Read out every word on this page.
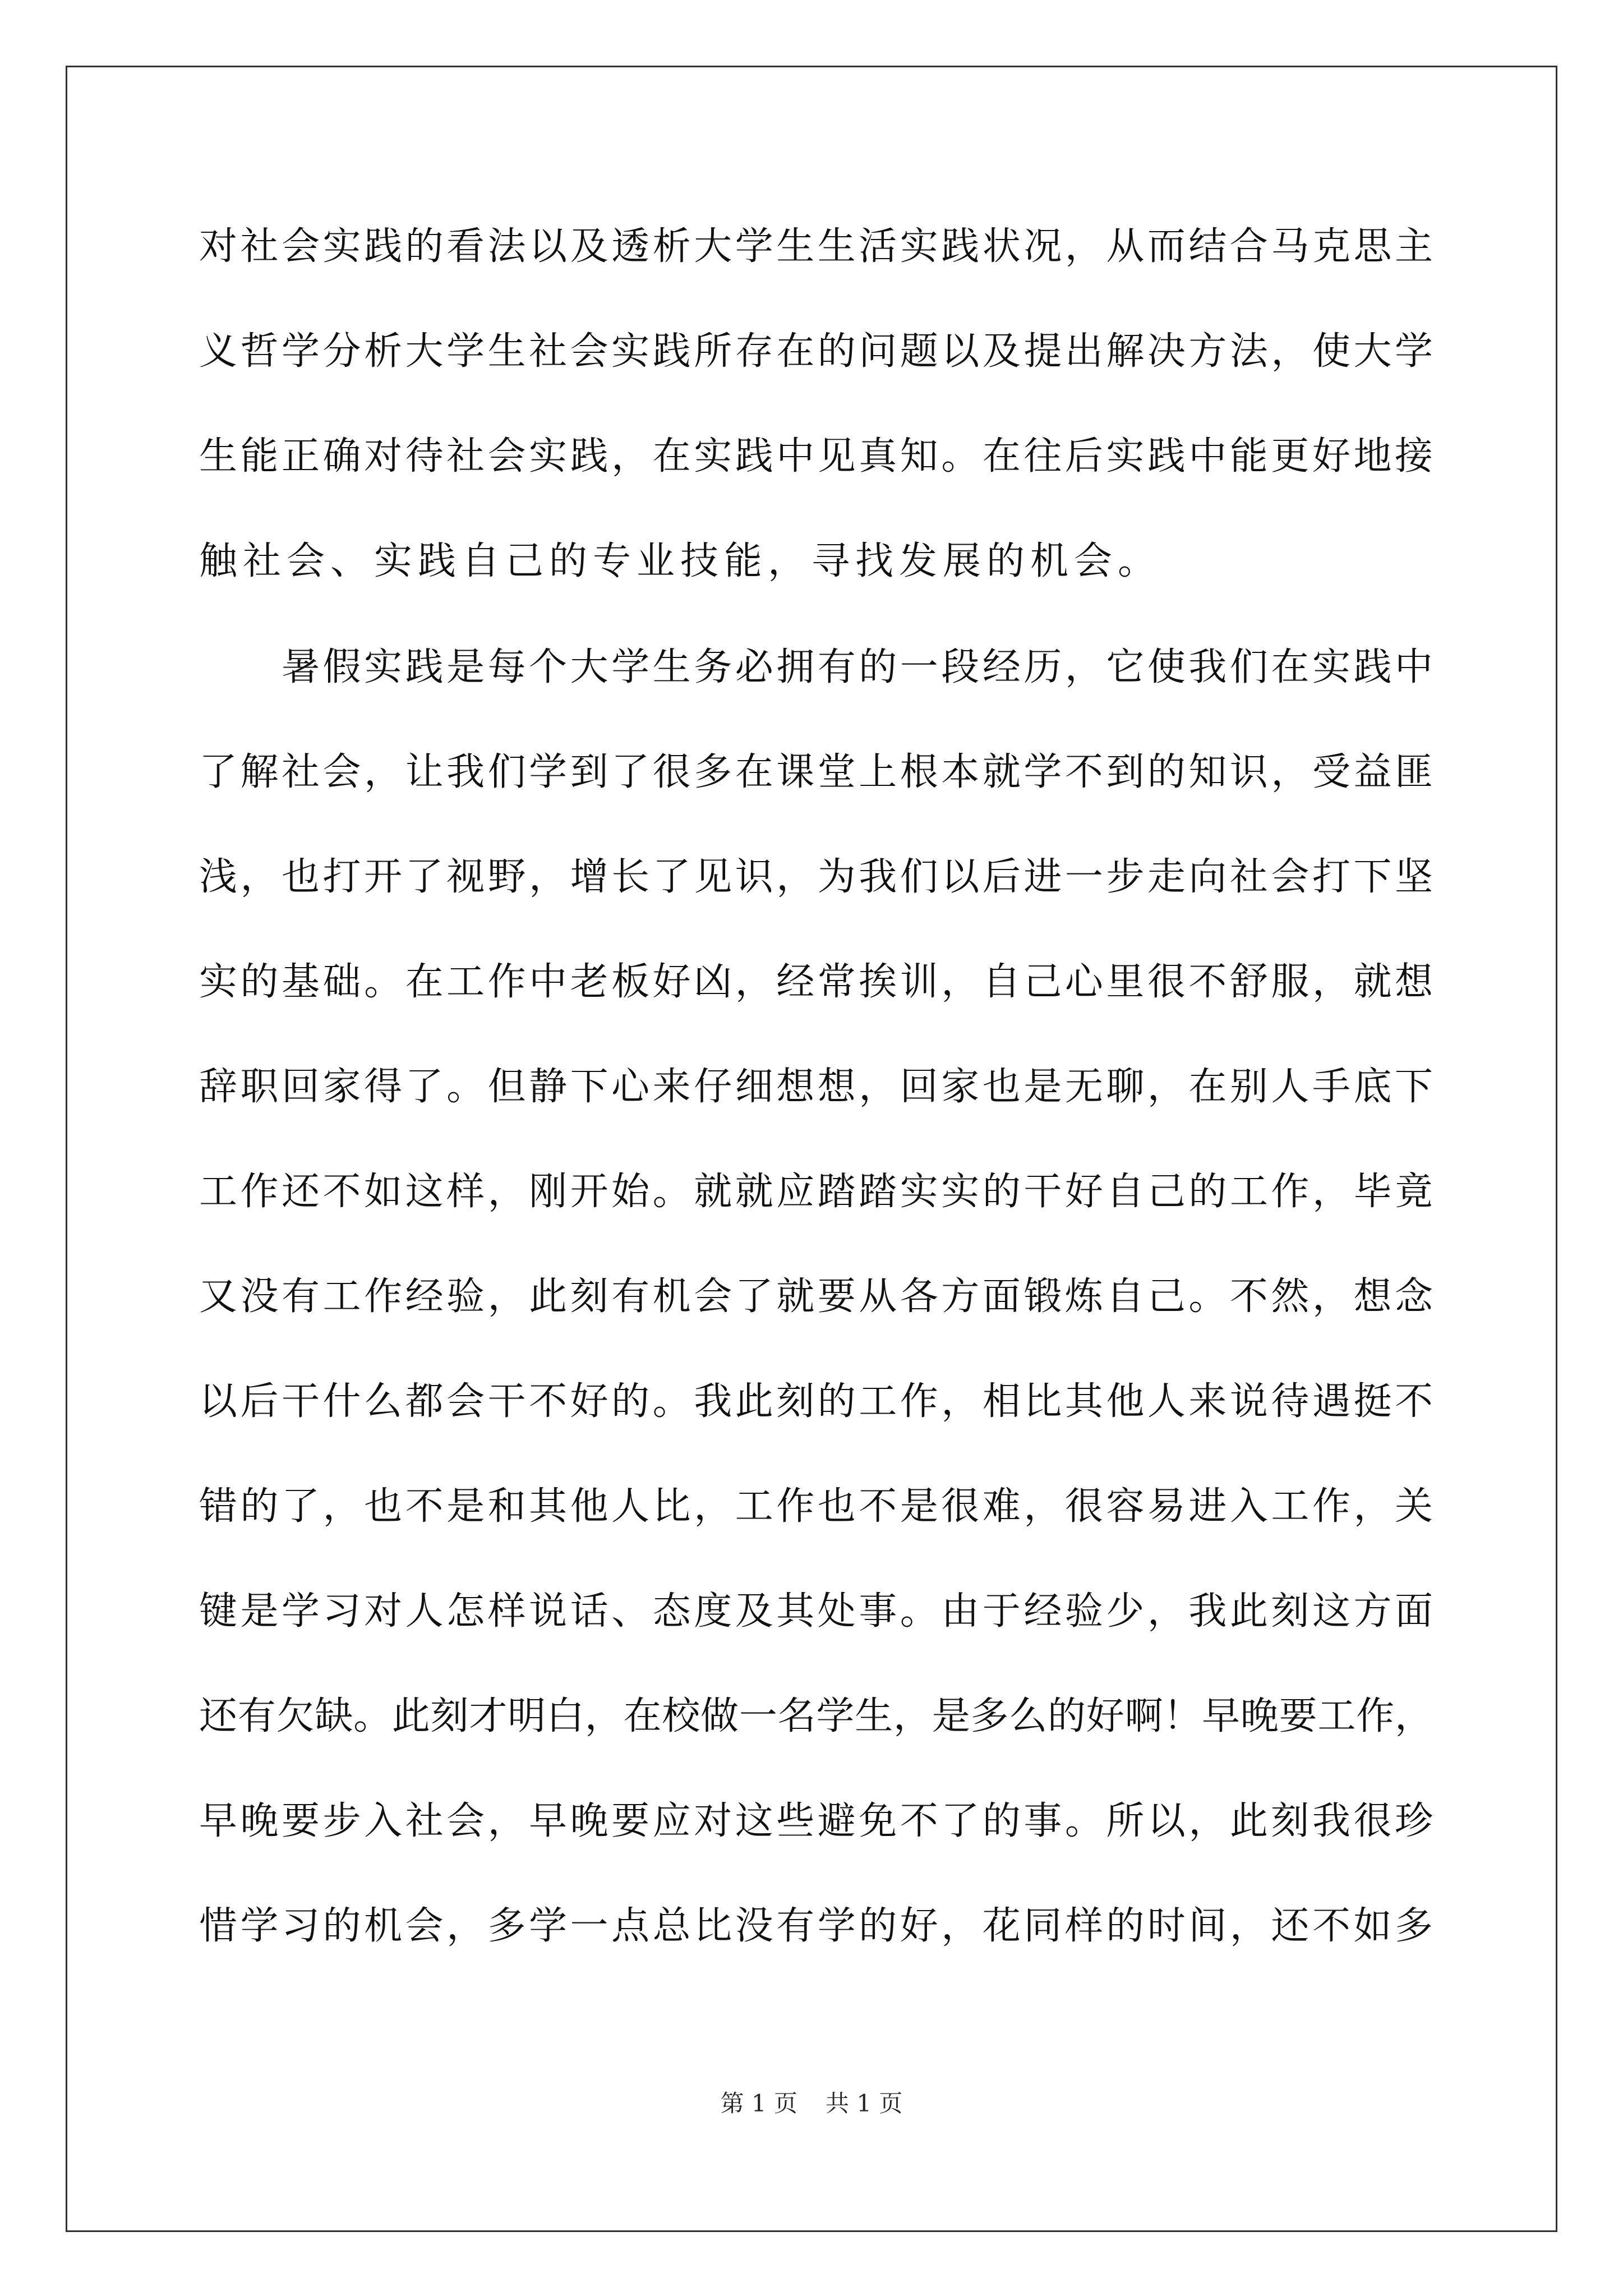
对社会实践的看法以及透析大学生生活实践状况，从而结合马克思主
义哲学分析大学生社会实践所存在的问题以及提出解决方法，使大学
生能正确对待社会实践，在实践中见真知。在往后实践中能更好地接
触社会、实践自己的专业技能，寻找发展的机会。
　　暑假实践是每个大学生务必拥有的一段经历，它使我们在实践中
了解社会，让我们学到了很多在课堂上根本就学不到的知识，受益匪
浅，也打开了视野，增长了见识，为我们以后进一步走向社会打下坚
实的基础。在工作中老板好凶，经常挨训，自己心里很不舒服，就想
辞职回家得了。但静下心来仔细想想，回家也是无聊，在别人手底下
工作还不如这样，刚开始。就就应踏踏实实的干好自己的工作，毕竟
又没有工作经验，此刻有机会了就要从各方面锻炼自己。不然，想念
以后干什么都会干不好的。我此刻的工作，相比其他人来说待遇挺不
错的了，也不是和其他人比，工作也不是很难，很容易进入工作，关
键是学习对人怎样说话、态度及其处事。由于经验少，我此刻这方面
还有欠缺。此刻才明白，在校做一名学生，是多么的好啊！早晚要工作，
早晚要步入社会，早晚要应对这些避免不了的事。所以，此刻我很珍
惜学习的机会，多学一点总比没有学的好，花同样的时间，还不如多
第 1 页 共 1 页
